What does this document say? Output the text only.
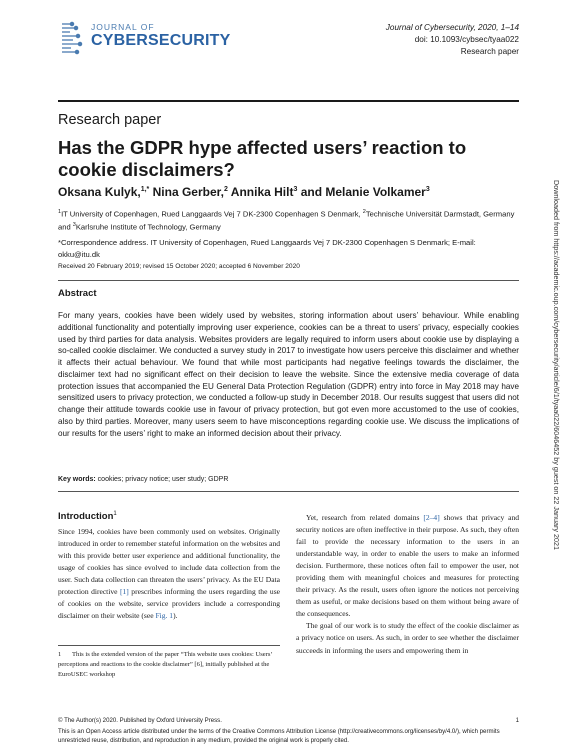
JOURNAL OF
CYBERSECURITY
Journal of Cybersecurity, 2020, 1–14
doi: 10.1093/cybsec/tyaa022
Research paper
Research paper
Has the GDPR hype affected users’ reaction to cookie disclaimers?
Oksana Kulyk,$^{1,*}$ Nina Gerber,$^2$ Annika Hilt$^3$ and Melanie Volkamer$^3$
$^1$IT University of Copenhagen, Rued Langgaards Vej 7 DK-2300 Copenhagen S Denmark, $^2$Technische Universität Darmstadt, Germany and $^3$Karlsruhe Institute of Technology, Germany
*Correspondence address. IT University of Copenhagen, Rued Langgaards Vej 7 DK-2300 Copenhagen S Denmark; E-mail: okku@itu.dk
Received 20 February 2019; revised 15 October 2020; accepted 6 November 2020
Abstract
For many years, cookies have been widely used by websites, storing information about users’ behaviour. While enabling additional functionality and potentially improving user experience, cookies can be a threat to users’ privacy, especially cookies used by third parties for data analysis. Websites providers are legally required to inform users about cookie use by displaying a so-called cookie disclaimer. We conducted a survey study in 2017 to investigate how users perceive this disclaimer and whether it affects their actual behaviour. We found that while most participants had negative feelings towards the disclaimer, the disclaimer text had no significant effect on their decision to leave the website. Since the extensive media coverage of data protection issues that accompanied the EU General Data Protection Regulation (GDPR) entry into force in May 2018 may have sensitized users to privacy protection, we conducted a follow-up study in December 2018. Our results suggest that users did not change their attitude towards cookie use in favour of privacy protection, but got even more accustomed to the use of cookies, also by third parties. Moreover, many users seem to have misconceptions regarding cookie use. We discuss the implications of our results for the users’ right to make an informed decision about their privacy.
Key words: cookies; privacy notice; user study; GDPR
Introduction$^1$
Since 1994, cookies have been commonly used on websites. Originally introduced in order to remember stateful information on the websites and with this provide better user experience and additional functionality, the usage of cookies has since evolved to include data collection from the user. Such data collection can threaten the users’ privacy. As the EU Data protection directive [1] prescribes informing the users regarding the use of cookies on the website, service providers include a corresponding disclaimer on their website (see Fig. 1).

Yet, research from related domains [2–4] shows that privacy and security notices are often ineffective in their purpose. As such, they often fail to provide the necessary information to the users in an understandable way, in order to enable the users to make an informed decision. Furthermore, these notices often fail to empower the user, not providing them with meaningful choices and measures for protecting their privacy. As the result, users often ignore the notices not perceiving them as useful, or make decisions based on them without being aware of the consequences.

The goal of our work is to study the effect of the cookie disclaimer as a privacy notice on users. As such, in order to see whether the disclaimer succeeds in informing the users and empowering them in

1 This is the extended version of the paper “This website uses cookies: Users’ perceptions and reactions to the cookie disclaimer” [6], initially published at the EuroUSEC workshop
© The Author(s) 2020. Published by Oxford University Press.	1
This is an Open Access article distributed under the terms of the Creative Commons Attribution License (http://creativecommons.org/licenses/by/4.0/), which permits unrestricted reuse, distribution, and reproduction in any medium, provided the original work is properly cited.
Downloaded from https://academic.oup.com/cybersecurity/article/6/1/tyaa022/6046452 by guest on 22 January 2021
